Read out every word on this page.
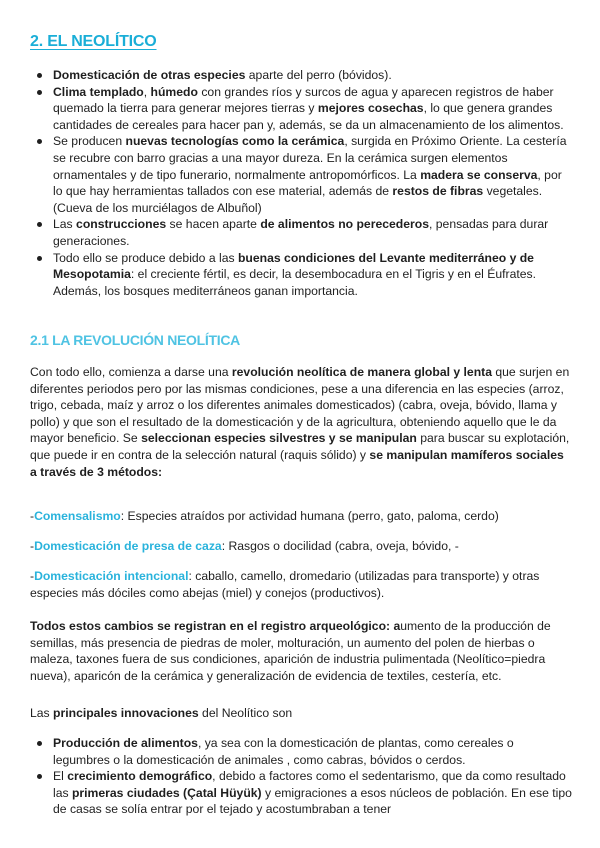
2. EL NEOLÍTICO
Domesticación de otras especies aparte del perro (bóvidos).
Clima templado, húmedo con grandes ríos y surcos de agua y aparecen registros de haber quemado la tierra para generar mejores tierras y mejores cosechas, lo que genera grandes cantidades de cereales para hacer pan y, además, se da un almacenamiento de los alimentos.
Se producen nuevas tecnologías como la cerámica, surgida en Próximo Oriente. La cestería se recubre con barro gracias a una mayor dureza. En la cerámica surgen elementos ornamentales y de tipo funerario, normalmente antropomórficos. La madera se conserva, por lo que hay herramientas tallados con ese material, además de restos de fibras vegetales. (Cueva de los murciélagos de Albuñol)
Las construcciones se hacen aparte de alimentos no perecederos, pensadas para durar generaciones.
Todo ello se produce debido a las buenas condiciones del Levante mediterráneo y de Mesopotamia: el creciente fértil, es decir, la desembocadura en el Tigris y en el Éufrates. Además, los bosques mediterráneos ganan importancia.
2.1 LA REVOLUCIÓN NEOLÍTICA

Con todo ello, comienza a darse una revolución neolítica de manera global y lenta que surjen en diferentes periodos pero por las mismas condiciones, pese a una diferencia en las especies (arroz, trigo, cebada, maíz y arroz o los diferentes animales domesticados) (cabra, oveja, bóvido, llama y pollo) y que son el resultado de la domesticación y de la agricultura, obteniendo aquello que le da mayor beneficio. Se seleccionan especies silvestres y se manipulan para buscar su explotación, que puede ir en contra de la selección natural (raquis sólido) y se manipulan mamíferos sociales a través de 3 métodos:

-Comensalismo: Especies atraídos por actividad humana (perro, gato, paloma, cerdo)

-Domesticación de presa de caza: Rasgos o docilidad (cabra, oveja, bóvido, -

-Domesticación intencional: caballo, camello, dromedario (utilizadas para transporte) y otras especies más dóciles como abejas (miel) y conejos (productivos).

Todos estos cambios se registran en el registro arqueológico: aumento de la producción de semillas, más presencia de piedras de moler, molturación, un aumento del polen de hierbas o maleza, taxones fuera de sus condiciones, aparición de industria pulimentada (Neolítico=piedra nueva), aparicón de la cerámica y generalización de evidencia de textiles, cestería, etc.

Las principales innovaciones del Neolítico son

Producción de alimentos, ya sea con la domesticación de plantas, como cereales o legumbres o la domesticación de animales , como cabras, bóvidos o cerdos.
El crecimiento demográfico, debido a factores como el sedentarismo, que da como resultado las primeras ciudades (Çatal Hüyük) y emigraciones a esos núcleos de población. En ese tipo de casas se solía entrar por el tejado y acostumbraban a tener
